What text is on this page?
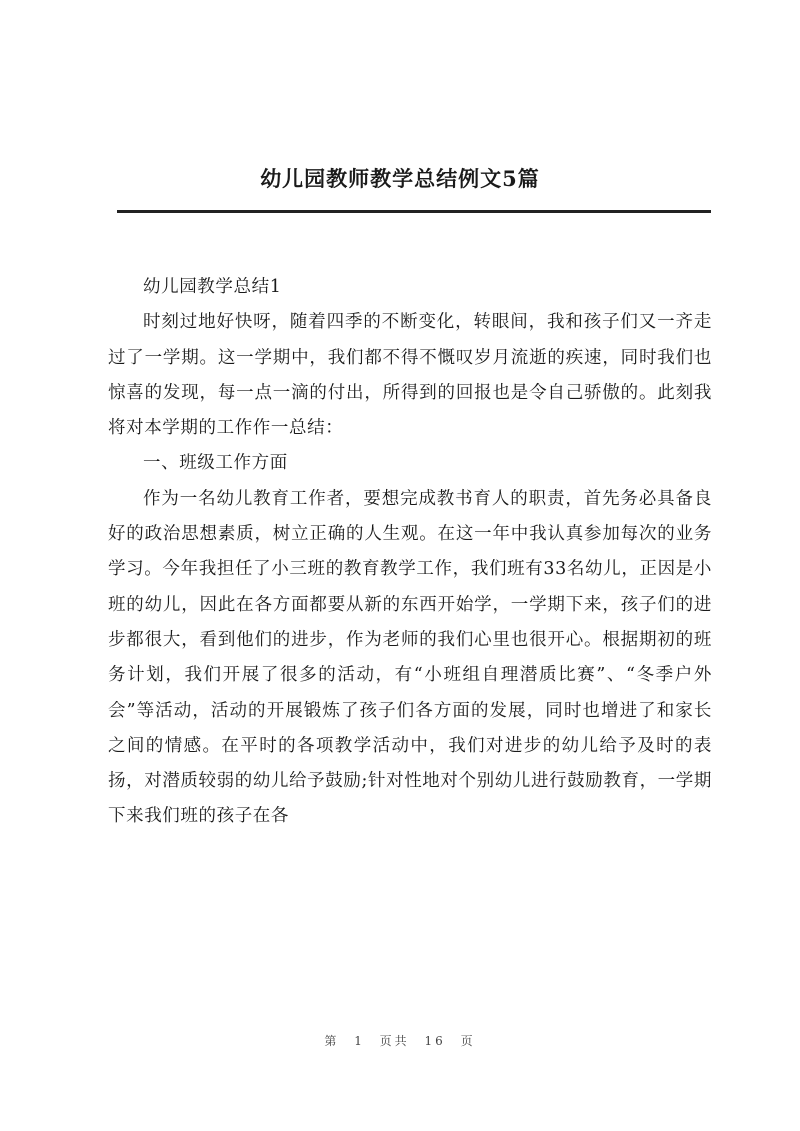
幼儿园教师教学总结例文5篇

幼儿园教学总结1

时刻过地好快呀，随着四季的不断变化，转眼间，我和孩子们又一齐走过了一学期。这一学期中，我们都不得不慨叹岁月流逝的疾速，同时我们也惊喜的发现，每一点一滴的付出，所得到的回报也是令自己骄傲的。此刻我将对本学期的工作作一总结：

一、班级工作方面

作为一名幼儿教育工作者，要想完成教书育人的职责，首先务必具备良好的政治思想素质，树立正确的人生观。在这一年中我认真参加每次的业务学习。今年我担任了小三班的教育教学工作，我们班有33名幼儿，正因是小班的幼儿，因此在各方面都要从新的东西开始学，一学期下来，孩子们的进步都很大，看到他们的进步，作为老师的我们心里也很开心。根据期初的班务计划，我们开展了很多的活动，有“小班组自理潜质比赛”、“冬季户外会”等活动，活动的开展锻炼了孩子们各方面的发展，同时也增进了和家长之间的情感。在平时的各项教学活动中，我们对进步的幼儿给予及时的表扬，对潜质较弱的幼儿给予鼓励;针对性地对个别幼儿进行鼓励教育，一学期下来我们班的孩子在各

第 1 页共 16 页
